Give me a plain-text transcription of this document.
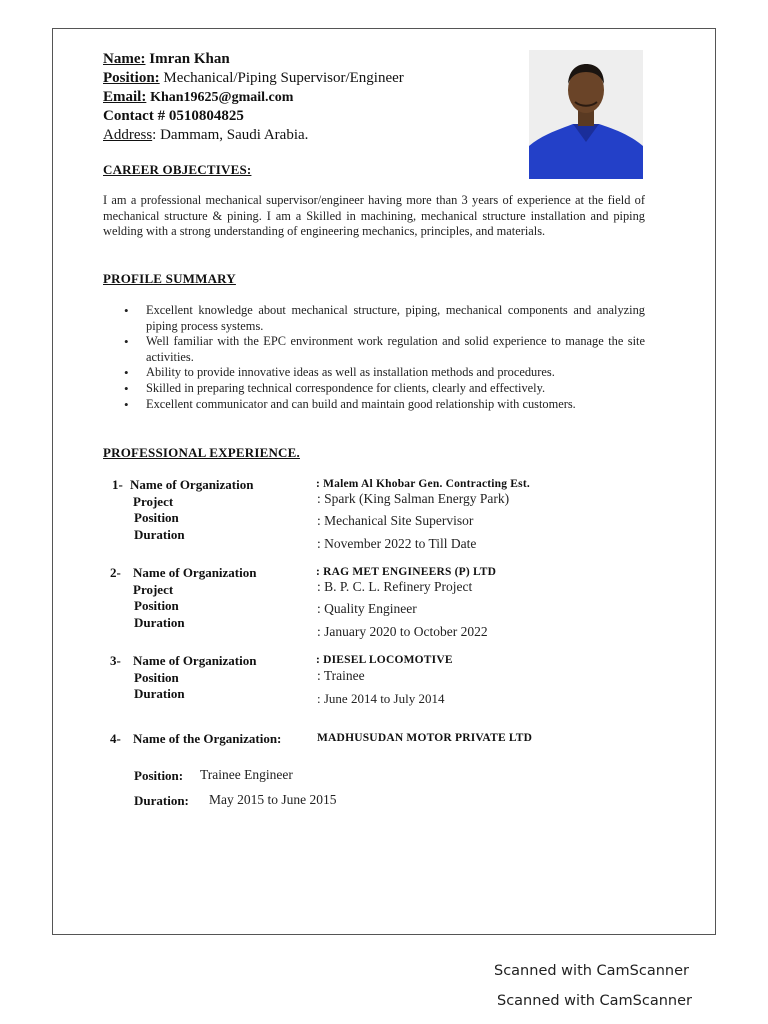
Name: Imran Khan
Position: Mechanical/Piping Supervisor/Engineer
Email: Khan19625@gmail.com
Contact # 0510804825
Address: Dammam, Saudi Arabia.
CAREER OBJECTIVES:
I am a professional mechanical supervisor/engineer having more than 3 years of experience at the field of mechanical structure & pining. I am a Skilled in machining, mechanical structure installation and piping welding with a strong understanding of engineering mechanics, principles, and materials.
PROFILE SUMMARY
• Excellent knowledge about mechanical structure, piping, mechanical components and analyzing piping process systems.
• Well familiar with the EPC environment work regulation and solid experience to manage the site activities.
• Ability to provide innovative ideas as well as installation methods and procedures.
• Skilled in preparing technical correspondence for clients, clearly and effectively.
• Excellent communicator and can build and maintain good relationship with customers.
PROFESSIONAL EXPERIENCE.
1- Name of Organization
Project
Position
Duration
: Malem Al Khobar Gen. Contracting Est.
: Spark (King Salman Energy Park)
: Mechanical Site Supervisor
: November 2022 to Till Date
2- Name of Organization
Project
Position
Duration
: RAG MET ENGINEERS (P) LTD
: B. P. C. L. Refinery Project
: Quality Engineer
: January 2020 to October 2022
3- Name of Organization
Position
Duration
: DIESEL LOCOMOTIVE
: Trainee
: June 2014 to July 2014
4- Name of the Organization:	MADHUSUDAN MOTOR PRIVATE LTD
Position: Trainee Engineer
Duration: May 2015 to June 2015
Scanned with CamScanner
Scanned with CamScanner
